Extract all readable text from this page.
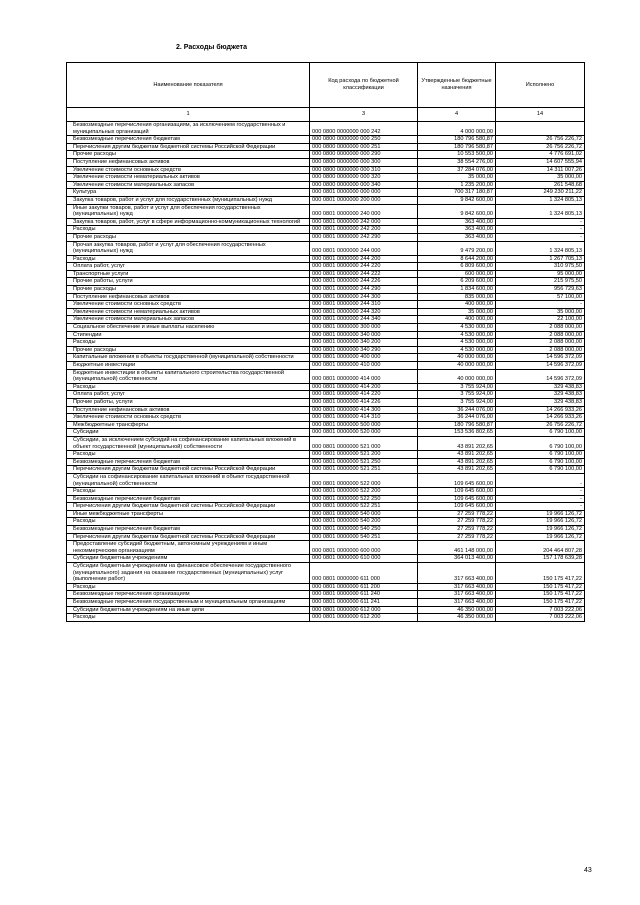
2. Расходы бюджета
Наименование показателя	Код расхода по бюджетной классификации	Утвержденные бюджетные назначения	Исполнено
1	3	4	14
Безвозмездные перечисления организациям, за исключением государственных и муниципальных организаций	000 0800 0000000 000 242	4 000 000,00	
Безвозмездные перечисления бюджетам	000 0800 0000000 000 250	180 796 580,87	26 756 226,72
Перечисления другим бюджетам бюджетной системы Российской Федерации	000 0800 0000000 000 251	180 796 580,87	26 756 226,72
Прочие расходы	000 0800 0000000 000 290	10 553 500,00	4 776 691,02
Поступление нефинансовых активов	000 0800 0000000 000 300	38 554 276,00	14 607 555,94
Увеличение стоимости основных средств	000 0800 0000000 000 310	37 284 076,00	14 311 007,26
Увеличение стоимости нематериальных активов	000 0800 0000000 000 320	35 000,00	35 000,00
Увеличение стоимости материальных запасов	000 0800 0000000 000 340	1 235 200,00	261 548,68
Культура	000 0801 0000000 000 000	700 317 180,87	249 230 211,22
Закупка товаров, работ и услуг для государственных (муниципальных) нужд	000 0801 0000000 200 000	9 842 600,00	1 324 805,13
Иные закупки товаров, работ и услуг для обеспечения государственных (муниципальных) нужд	000 0801 0000000 240 000	9 842 600,00	1 324 805,13
Закупка товаров, работ, услуг в сфере информационно-коммуникационных технологий	000 0801 0000000 242 000	363 400,00	-
Расходы	000 0801 0000000 242 200	363 400,00	-
Прочие расходы	000 0801 0000000 242 290	363 400,00	-
Прочая закупка товаров, работ и услуг для обеспечения государственных (муниципальных) нужд	000 0801 0000000 244 000	9 479 200,00	1 324 805,13
Расходы	000 0801 0000000 244 200	8 644 200,00	1 267 705,13
Оплата работ, услуг	000 0801 0000000 244 220	6 809 600,00	310 975,50
Транспортные услуги	000 0801 0000000 244 222	600 000,00	95 000,00
Прочие работы, услуги	000 0801 0000000 244 226	6 209 600,00	215 975,50
Прочие расходы	000 0801 0000000 244 290	1 834 600,00	956 729,63
Поступление нефинансовых активов	000 0801 0000000 244 300	835 000,00	57 100,00
Увеличение стоимости основных средств	000 0801 0000000 244 310	400 000,00	-
Увеличение стоимости нематериальных активов	000 0801 0000000 244 320	35 000,00	35 000,00
Увеличение стоимости материальных запасов	000 0801 0000000 244 340	400 000,00	22 100,00
Социальное обеспечение и иные выплаты населению	000 0801 0000000 300 000	4 530 000,00	2 088 000,00
Стипендии	000 0801 0000000 340 000	4 530 000,00	2 088 000,00
Расходы	000 0801 0000000 340 200	4 530 000,00	2 088 000,00
Прочие расходы	000 0801 0000000 340 290	4 530 000,00	2 088 000,00
Капитальные вложения в объекты государственной (муниципальной) собственности	000 0801 0000000 400 000	40 000 000,00	14 596 372,09
Бюджетные инвестиции	000 0801 0000000 410 000	40 000 000,00	14 596 372,09
Бюджетные инвестиции в объекты капитального строительства государственной (муниципальной) собственности	000 0801 0000000 414 000	40 000 000,00	14 596 372,09
Расходы	000 0801 0000000 414 200	3 755 924,00	329 438,83
Оплата работ, услуг	000 0801 0000000 414 220	3 755 924,00	329 438,83
Прочие работы, услуги	000 0801 0000000 414 226	3 755 924,00	329 438,83
Поступление нефинансовых активов	000 0801 0000000 414 300	36 244 076,00	14 266 933,26
Увеличение стоимости основных средств	000 0801 0000000 414 310	36 244 076,00	14 266 933,26
Межбюджетные трансферты	000 0801 0000000 500 000	180 796 580,87	26 756 226,72
Субсидии	000 0801 0000000 520 000	153 536 802,65	6 790 100,00
Субсидии, за исключением субсидий на софинансирование капитальных вложений в объект государственной (муниципальной) собственности	000 0801 0000000 521 000	43 891 202,65	6 790 100,00
Расходы	000 0801 0000000 521 200	43 891 202,65	6 790 100,00
Безвозмездные перечисления бюджетам	000 0801 0000000 521 250	43 891 202,65	6 790 100,00
Перечисления другим бюджетам бюджетной системы Российской Федерации	000 0801 0000000 521 251	43 891 202,65	6 790 100,00
Субсидии на софинансирование капитальных вложений в объект государственной (муниципальной) собственности	000 0801 0000000 522 000	109 645 600,00	-
Расходы	000 0801 0000000 522 200	109 645 600,00	-
Безвозмездные перечисления бюджетам	000 0801 0000000 522 250	109 645 600,00	-
Перечисления другим бюджетам бюджетной системы Российской Федерации	000 0801 0000000 522 251	109 645 600,00	-
Иные межбюджетные трансферты	000 0801 0000000 540 000	27 259 778,22	19 966 126,72
Расходы	000 0801 0000000 540 200	27 259 778,22	19 966 126,72
Безвозмездные перечисления бюджетам	000 0801 0000000 540 250	27 259 778,22	19 966 126,72
Перечисления другим бюджетам бюджетной системы Российской Федерации	000 0801 0000000 540 251	27 259 778,22	19 966 126,72
Предоставление субсидий бюджетным, автономным учреждениям и иным некоммерческим организациям	000 0801 0000000 600 000	461 148 000,00	204 464 807,28
Субсидии бюджетным учреждениям	000 0801 0000000 610 000	364 013 400,00	157 178 639,28
Субсидии бюджетным учреждениям на финансовое обеспечение государственного (муниципального) задания на оказание государственных (муниципальных) услуг (выполнение работ)	000 0801 0000000 611 000	317 663 400,00	150 175 417,22
Расходы	000 0801 0000000 611 200	317 663 400,00	150 175 417,22
Безвозмездные перечисления организациям	000 0801 0000000 611 240	317 663 400,00	150 175 417,22
Безвозмездные перечисления государственным и муниципальным организациям	000 0801 0000000 611 241	317 663 400,00	150 175 417,22
Субсидии бюджетным учреждениям на иные цели	000 0801 0000000 612 000	46 350 000,00	7 003 222,06
Расходы	000 0801 0000000 612 200	46 350 000,00	7 003 222,06
43
